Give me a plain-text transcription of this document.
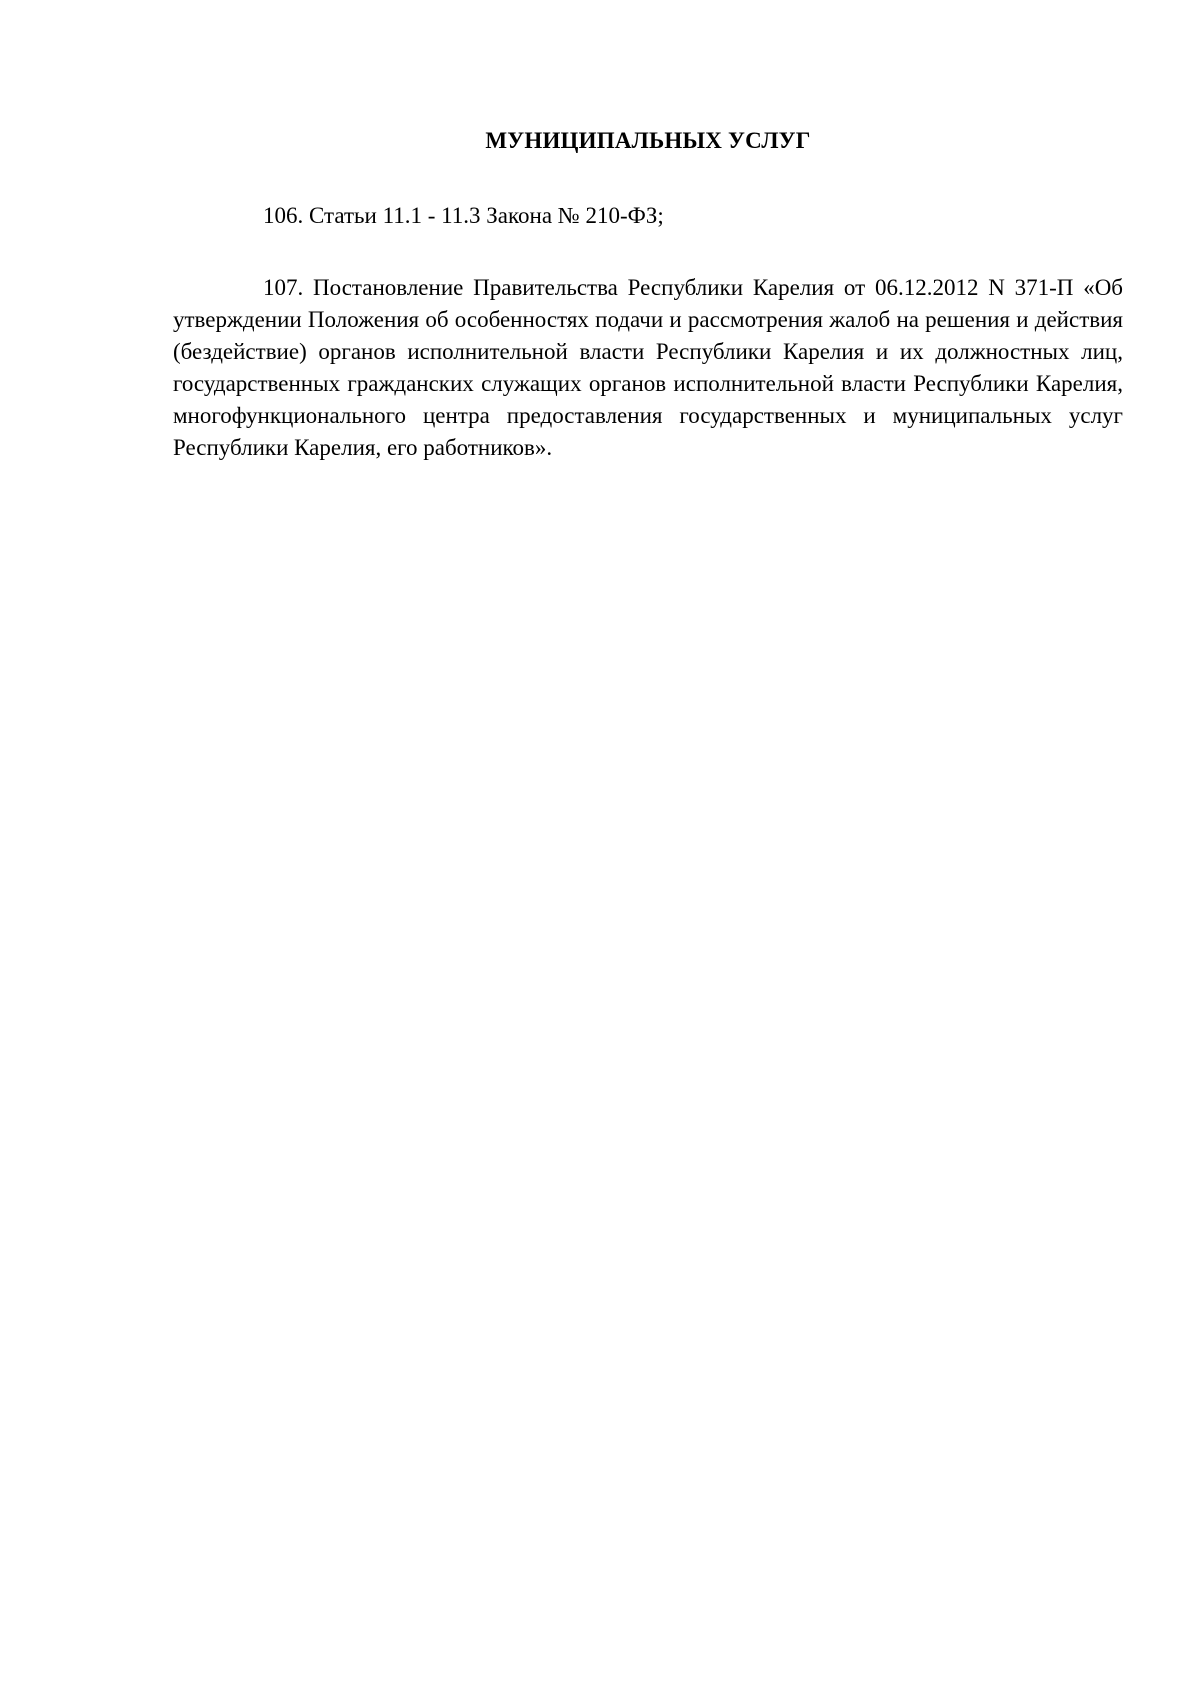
МУНИЦИПАЛЬНЫХ УСЛУГ

106. Статьи 11.1 - 11.3 Закона № 210-ФЗ;

107. Постановление Правительства Республики Карелия от 06.12.2012 N 371-П «Об утверждении Положения об особенностях подачи и рассмотрения жалоб на решения и действия (бездействие) органов исполнительной власти Республики Карелия и их должностных лиц, государственных гражданских служащих органов исполнительной власти Республики Карелия, многофункционального центра предоставления государственных и муниципальных услуг Республики Карелия, его работников».
